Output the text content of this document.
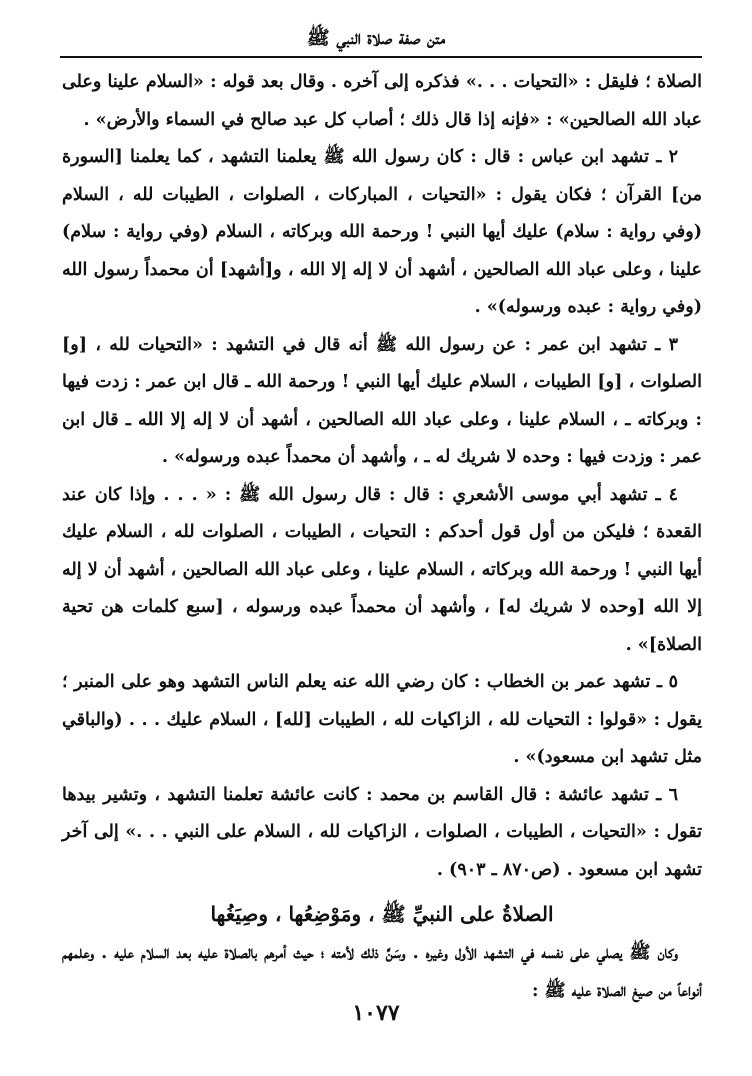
متن صفة صلاة النبي ﷺ

الصلاة ؛ فليقل : «التحيات . . .» فذكره إلى آخره . وقال بعد قوله : «السلام علينا وعلى عباد الله الصالحين» : «فإنه إذا قال ذلك ؛ أصاب كل عبد صالح في السماء والأرض» .

٢ ـ تشهد ابن عباس : قال : كان رسول الله ﷺ يعلمنا التشهد ، كما يعلمنا [السورة من] القرآن ؛ فكان يقول : «التحيات ، المباركات ، الصلوات ، الطيبات لله ، السلام (وفي رواية : سلام) عليك أيها النبي ! ورحمة الله وبركاته ، السلام (وفي رواية : سلام) علينا ، وعلى عباد الله الصالحين ، أشهد أن لا إله إلا الله ، و[أشهد] أن محمداً رسول الله (وفي رواية : عبده ورسوله)» .

٣ ـ تشهد ابن عمر : عن رسول الله ﷺ أنه قال في التشهد : «التحيات لله ، [و] الصلوات ، [و] الطيبات ، السلام عليك أيها النبي ! ورحمة الله ـ قال ابن عمر : زدت فيها : وبركاته ـ ، السلام علينا ، وعلى عباد الله الصالحين ، أشهد أن لا إله إلا الله ـ قال ابن عمر : وزدت فيها : وحده لا شريك له ـ ، وأشهد أن محمداً عبده ورسوله» .

٤ ـ تشهد أبي موسى الأشعري : قال : قال رسول الله ﷺ : « . . . وإذا كان عند القعدة ؛ فليكن من أول قول أحدكم : التحيات ، الطيبات ، الصلوات لله ، السلام عليك أيها النبي ! ورحمة الله وبركاته ، السلام علينا ، وعلى عباد الله الصالحين ، أشهد أن لا إله إلا الله [وحده لا شريك له] ، وأشهد أن محمداً عبده ورسوله ، [سبع كلمات هن تحية الصلاة]» .

٥ ـ تشهد عمر بن الخطاب : كان رضي الله عنه يعلم الناس التشهد وهو على المنبر ؛ يقول : «قولوا : التحيات لله ، الزاكيات لله ، الطيبات [لله] ، السلام عليك . . . (والباقي مثل تشهد ابن مسعود)» .

٦ ـ تشهد عائشة : قال القاسم بن محمد : كانت عائشة تعلمنا التشهد ، وتشير بيدها تقول : «التحيات ، الطيبات ، الصلوات ، الزاكيات لله ، السلام على النبي . . .» إلى آخر تشهد ابن مسعود . (ص٨٧٠ ـ ٩٠٣) .

الصلاةُ على النبيِّ ﷺ ، ومَوْضِعُها ، وصِيَغُها

وكان ﷺ يصلي على نفسه في التشهد الأول وغيره . وسَنَّ ذلك لأمته ؛ حيث أمرهم بالصلاة عليه بعد السلام عليه . وعلمهم أنواعاً من صيغ الصلاة عليه ﷺ :

١٠٧٧
